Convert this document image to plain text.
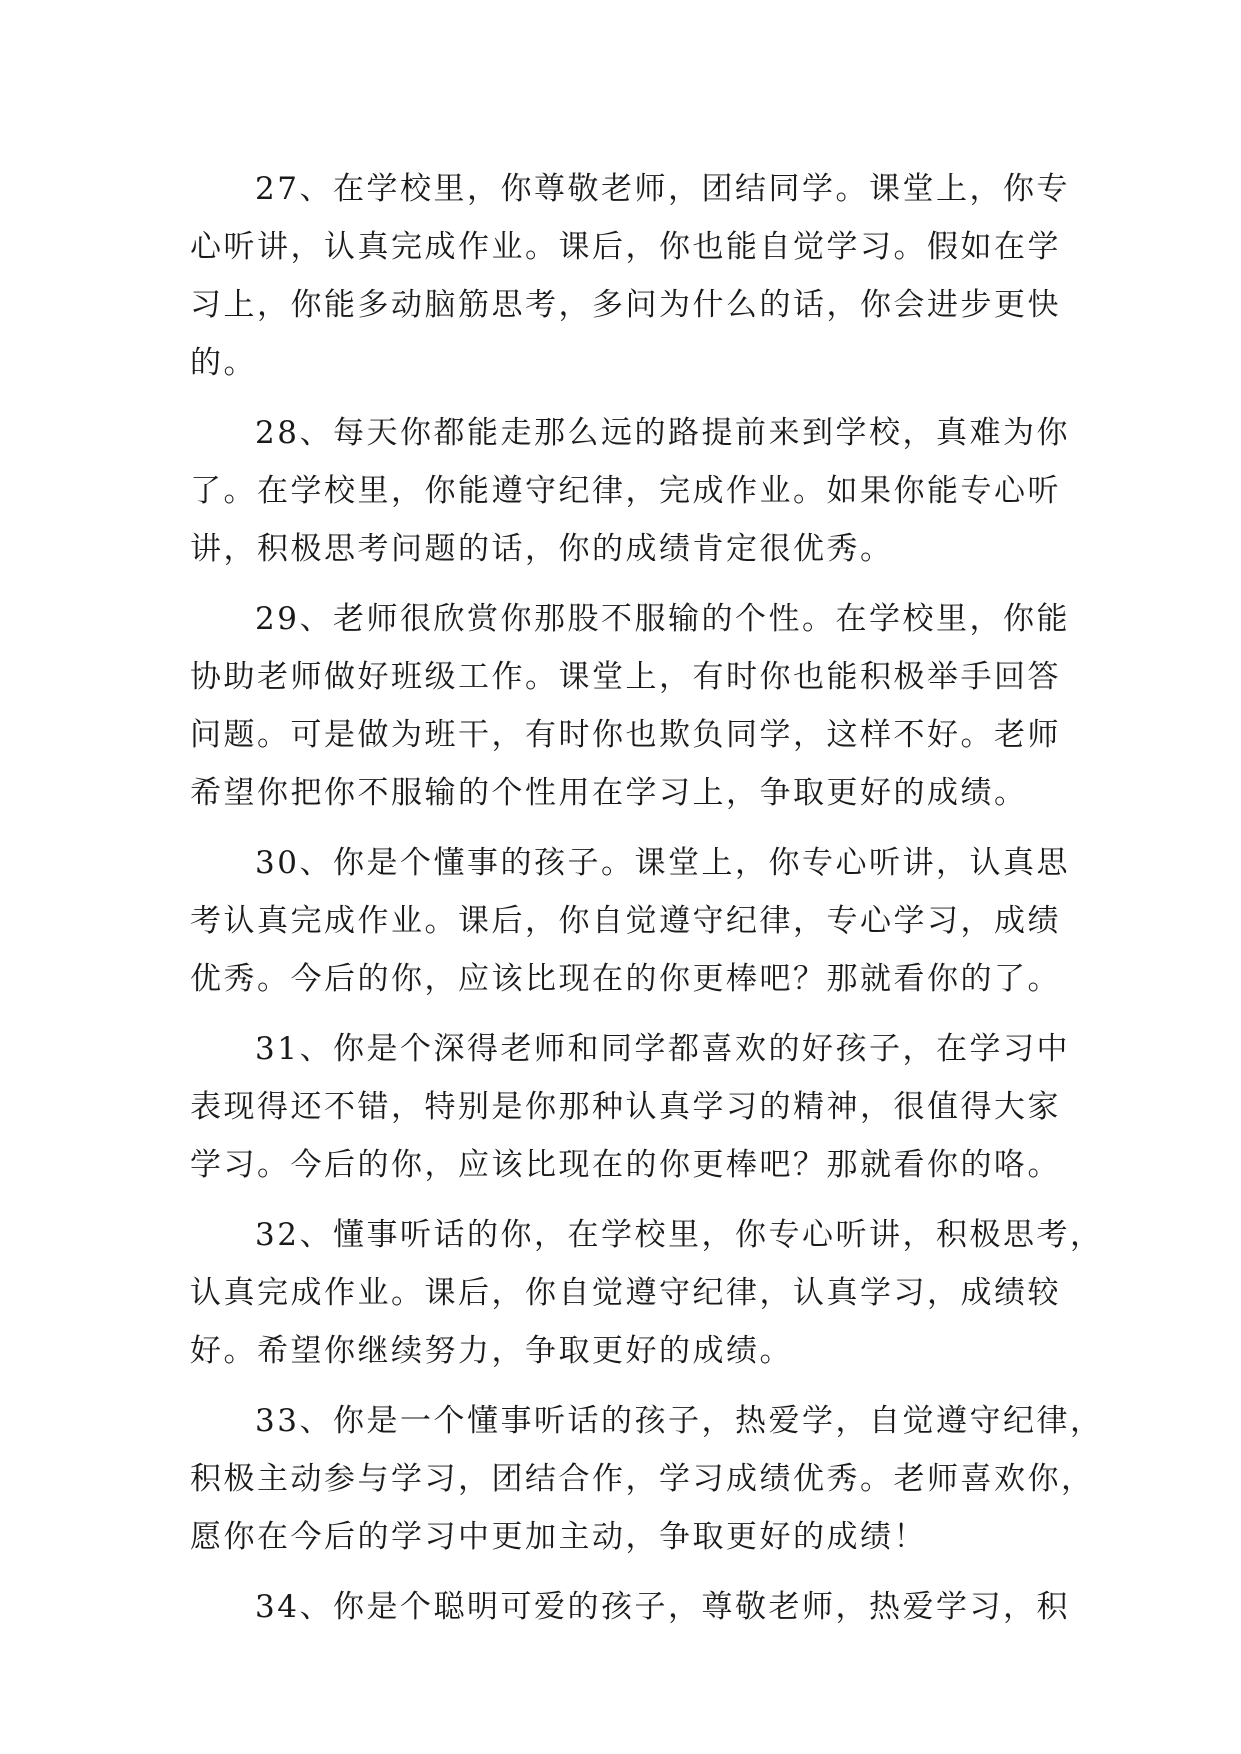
27、在学校里，你尊敬老师，团结同学。课堂上，你专
心听讲，认真完成作业。课后，你也能自觉学习。假如在学
习上，你能多动脑筋思考，多问为什么的话，你会进步更快
的。
28、每天你都能走那么远的路提前来到学校，真难为你
了。在学校里，你能遵守纪律，完成作业。如果你能专心听
讲，积极思考问题的话，你的成绩肯定很优秀。
29、老师很欣赏你那股不服输的个性。在学校里，你能
协助老师做好班级工作。课堂上，有时你也能积极举手回答
问题。可是做为班干，有时你也欺负同学，这样不好。老师
希望你把你不服输的个性用在学习上，争取更好的成绩。
30、你是个懂事的孩子。课堂上，你专心听讲，认真思
考认真完成作业。课后，你自觉遵守纪律，专心学习，成绩
优秀。今后的你，应该比现在的你更棒吧？那就看你的了。
31、你是个深得老师和同学都喜欢的好孩子，在学习中
表现得还不错，特别是你那种认真学习的精神，很值得大家
学习。今后的你，应该比现在的你更棒吧？那就看你的咯。
32、懂事听话的你，在学校里，你专心听讲，积极思考，
认真完成作业。课后，你自觉遵守纪律，认真学习，成绩较
好。希望你继续努力，争取更好的成绩。
33、你是一个懂事听话的孩子，热爱学，自觉遵守纪律，
积极主动参与学习，团结合作，学习成绩优秀。老师喜欢你，
愿你在今后的学习中更加主动，争取更好的成绩！
34、你是个聪明可爱的孩子，尊敬老师，热爱学习，积
